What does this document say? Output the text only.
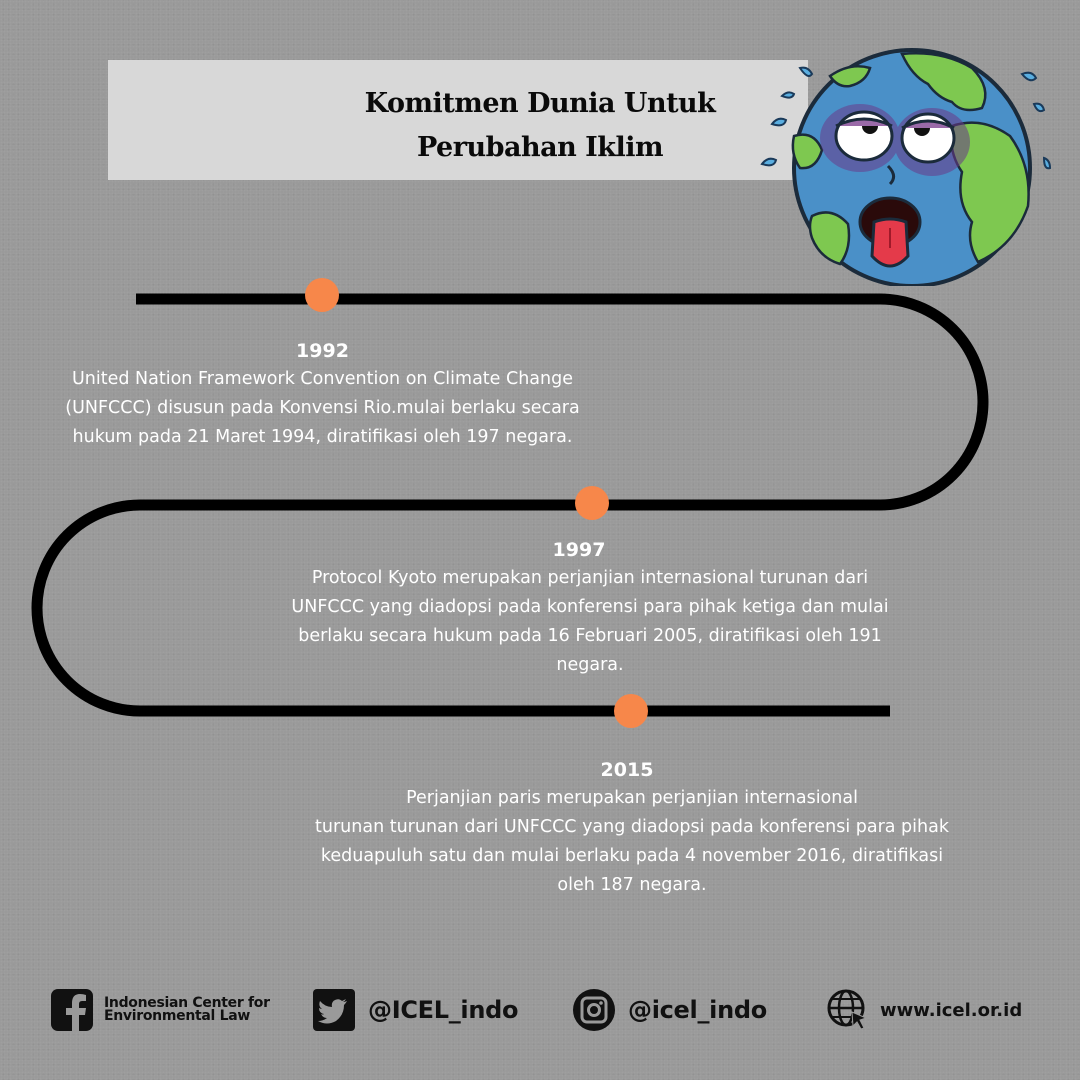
Komitmen Dunia Untuk
Perubahan Iklim
1992
United Nation Framework Convention on Climate Change
(UNFCCC) disusun pada Konvensi Rio.mulai berlaku secara
hukum pada 21 Maret 1994, diratifikasi oleh 197 negara.
1997
Protocol Kyoto merupakan perjanjian internasional turunan dari
UNFCCC yang diadopsi pada konferensi para pihak ketiga dan mulai
berlaku secara hukum pada 16 Februari 2005, diratifikasi oleh 191
negara.
2015
Perjanjian paris merupakan perjanjian internasional
turunan turunan dari UNFCCC yang diadopsi pada konferensi para pihak
keduapuluh satu dan mulai berlaku pada 4 november 2016, diratifikasi
oleh 187 negara.
Indonesian Center for Environmental Law	@ICEL_indo	@icel_indo	www.icel.or.id
